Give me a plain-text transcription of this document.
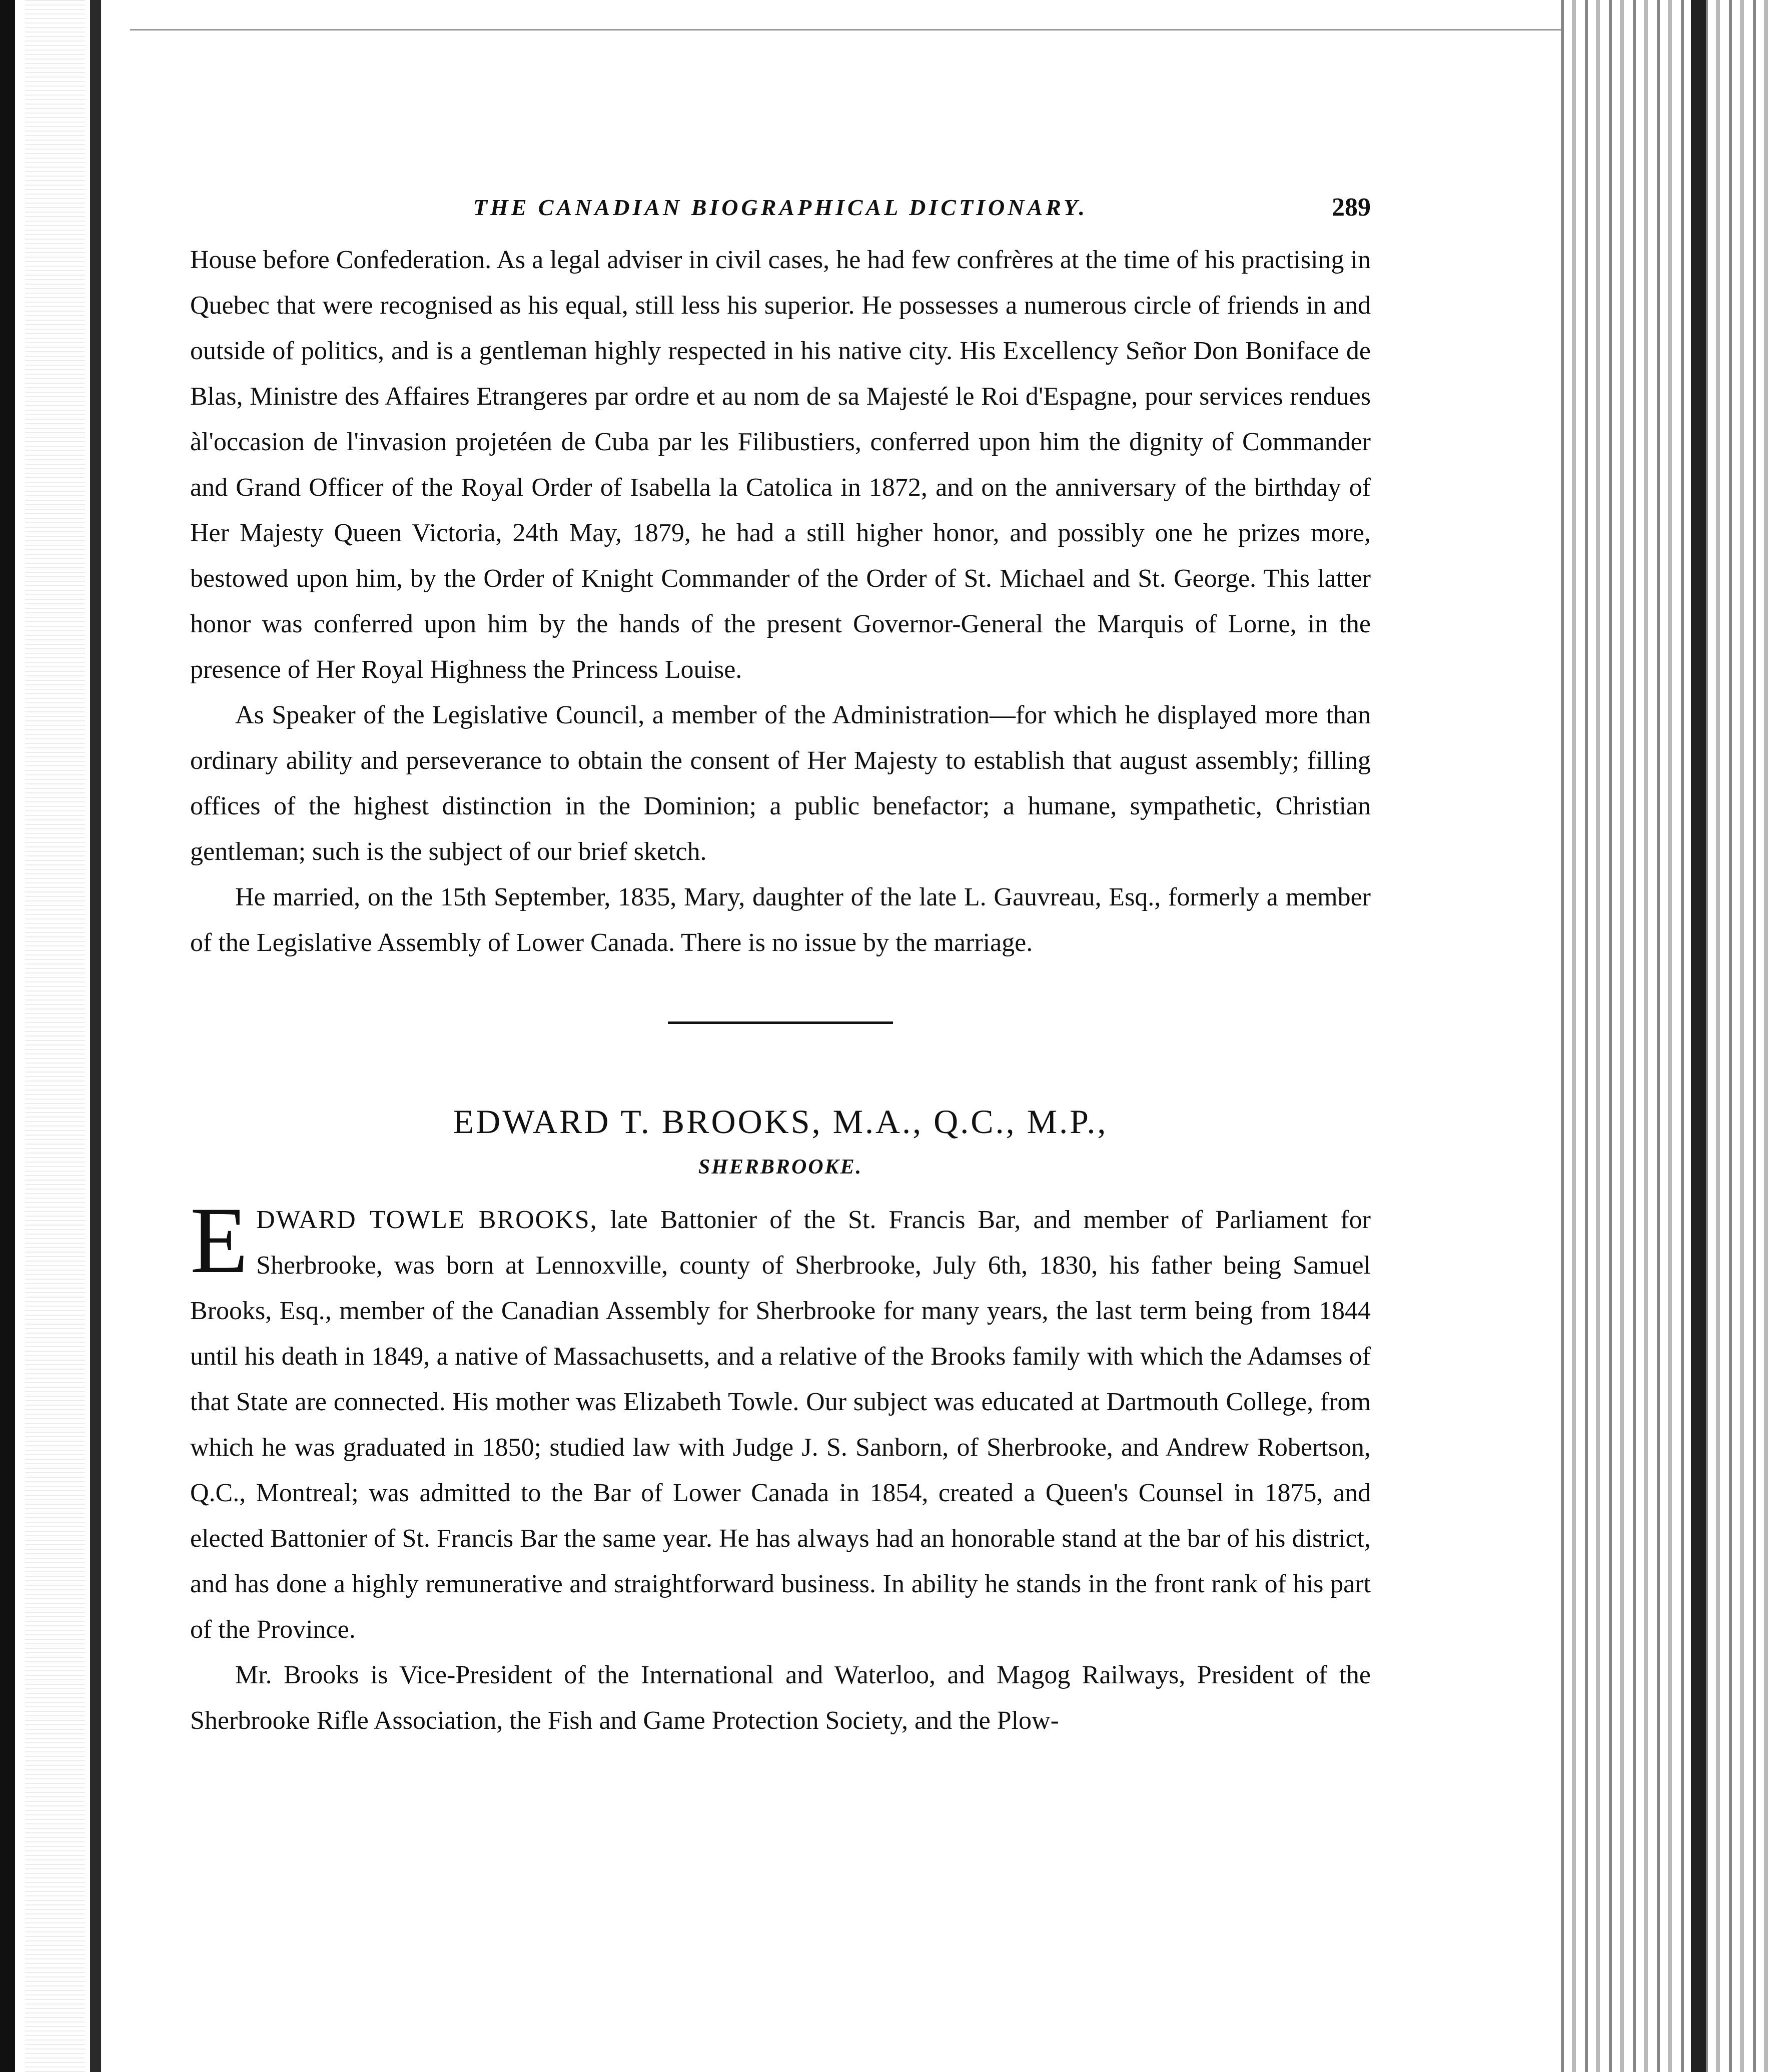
THE CANADIAN BIOGRAPHICAL DICTIONARY.	289

House before Confederation. As a legal adviser in civil cases, he had few confrères at the time of his practising in Quebec that were recognised as his equal, still less his superior. He possesses a numerous circle of friends in and outside of politics, and is a gentleman highly respected in his native city. His Excellency Señor Don Boniface de Blas, Ministre des Affaires Etrangeres par ordre et au nom de sa Majesté le Roi d'Espagne, pour services rendues àl'occasion de l'invasion projetéen de Cuba par les Filibustiers, conferred upon him the dignity of Commander and Grand Officer of the Royal Order of Isabella la Catolica in 1872, and on the anniversary of the birthday of Her Majesty Queen Victoria, 24th May, 1879, he had a still higher honor, and possibly one he prizes more, bestowed upon him, by the Order of Knight Commander of the Order of St. Michael and St. George. This latter honor was conferred upon him by the hands of the present Governor-General the Marquis of Lorne, in the presence of Her Royal Highness the Princess Louise.

As Speaker of the Legislative Council, a member of the Administration—for which he displayed more than ordinary ability and perseverance to obtain the consent of Her Majesty to establish that august assembly; filling offices of the highest distinction in the Dominion; a public benefactor; a humane, sympathetic, Christian gentleman; such is the subject of our brief sketch.

He married, on the 15th September, 1835, Mary, daughter of the late L. Gauvreau, Esq., formerly a member of the Legislative Assembly of Lower Canada. There is no issue by the marriage.

EDWARD T. BROOKS, M.A., Q.C., M.P.,
SHERBROOKE.

EDWARD TOWLE BROOKS, late Battonier of the St. Francis Bar, and member of Parliament for Sherbrooke, was born at Lennoxville, county of Sherbrooke, July 6th, 1830, his father being Samuel Brooks, Esq., member of the Canadian Assembly for Sherbrooke for many years, the last term being from 1844 until his death in 1849, a native of Massachusetts, and a relative of the Brooks family with which the Adamses of that State are connected. His mother was Elizabeth Towle. Our subject was educated at Dartmouth College, from which he was graduated in 1850; studied law with Judge J. S. Sanborn, of Sherbrooke, and Andrew Robertson, Q.C., Montreal; was admitted to the Bar of Lower Canada in 1854, created a Queen's Counsel in 1875, and elected Battonier of St. Francis Bar the same year. He has always had an honorable stand at the bar of his district, and has done a highly remunerative and straightforward business. In ability he stands in the front rank of his part of the Province.

Mr. Brooks is Vice-President of the International and Waterloo, and Magog Railways, President of the Sherbrooke Rifle Association, the Fish and Game Protection Society, and the Plow-
